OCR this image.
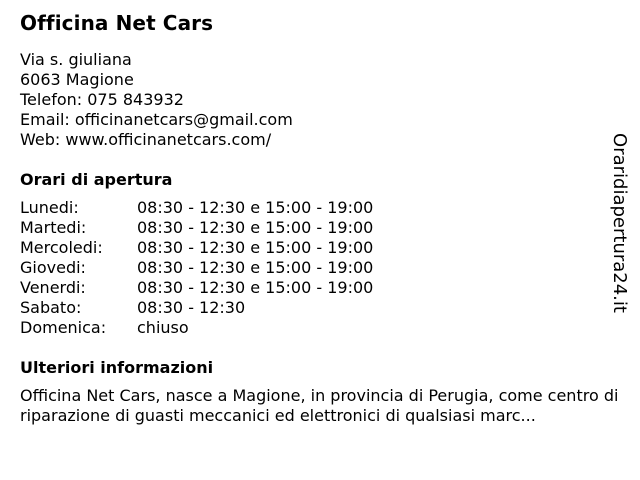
Officina Net Cars
Via s. giuliana
6063 Magione
Telefon: 075 843932
Email: officinanetcars@gmail.com
Web: www.officinanetcars.com/
Orari di apertura
Lunedi:	08:30 - 12:30 e 15:00 - 19:00
Martedi:	08:30 - 12:30 e 15:00 - 19:00
Mercoledi:	08:30 - 12:30 e 15:00 - 19:00
Giovedi:	08:30 - 12:30 e 15:00 - 19:00
Venerdi:	08:30 - 12:30 e 15:00 - 19:00
Sabato:	08:30 - 12:30
Domenica:	chiuso
Ulteriori informazioni

Officina Net Cars, nasce a Magione, in provincia di Perugia, come centro di riparazione di guasti meccanici ed elettronici di qualsiasi marc...

Oraridiapertura24.it
